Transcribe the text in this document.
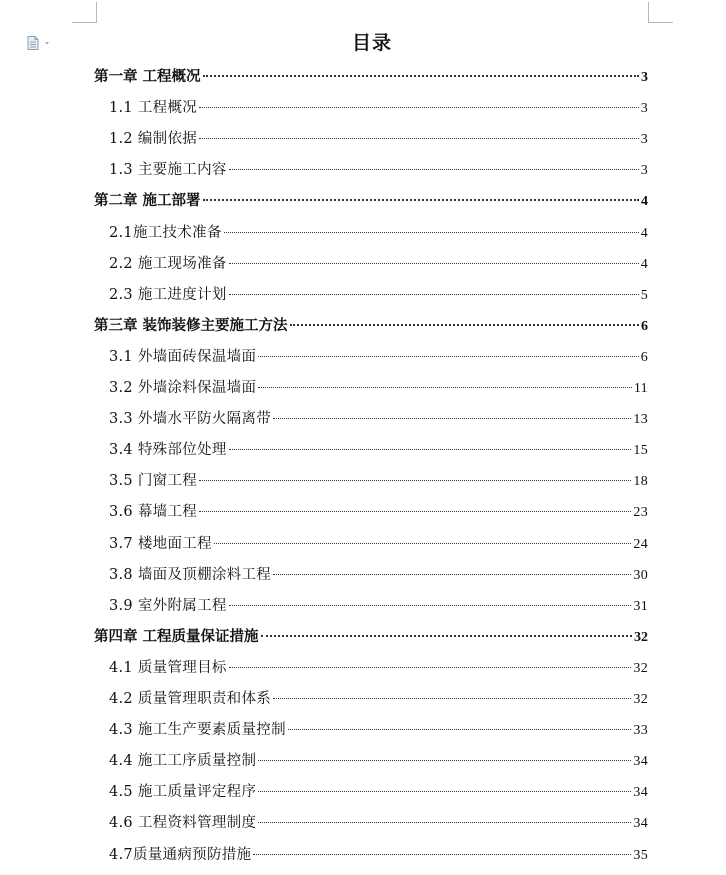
目录
第一章 工程概况	3
1.1 工程概况	3
1.2 编制依据	3
1.3 主要施工内容	3
第二章 施工部署	4
2.1施工技术准备	4
2.2 施工现场准备	4
2.3 施工进度计划	5
第三章 装饰装修主要施工方法	6
3.1 外墙面砖保温墙面	6
3.2 外墙涂料保温墙面	11
3.3 外墙水平防火隔离带	13
3.4 特殊部位处理	15
3.5 门窗工程	18
3.6 幕墙工程	23
3.7 楼地面工程	24
3.8 墙面及顶棚涂料工程	30
3.9 室外附属工程	31
第四章 工程质量保证措施	32
4.1 质量管理目标	32
4.2 质量管理职责和体系	32
4.3 施工生产要素质量控制	33
4.4 施工工序质量控制	34
4.5 施工质量评定程序	34
4.6 工程资料管理制度	34
4.7质量通病预防措施	35
